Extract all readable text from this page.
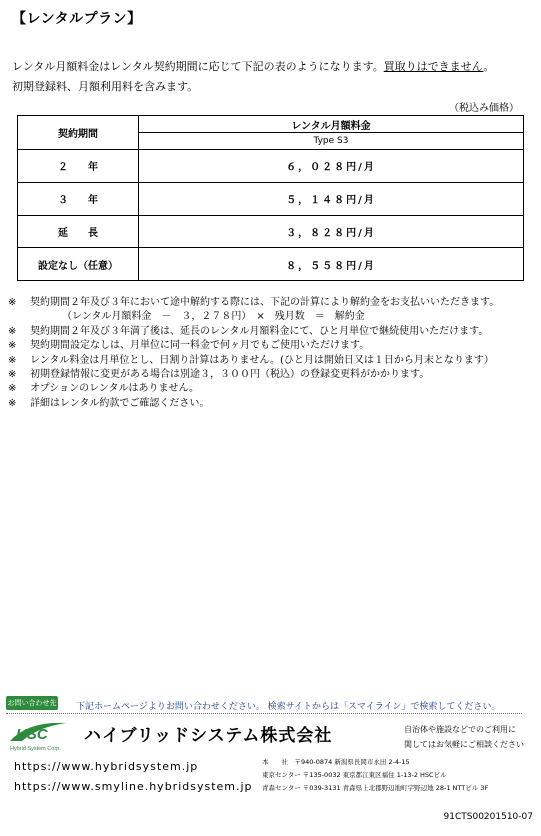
【レンタルプラン】
レンタル月額料金はレンタル契約期間に応じて下記の表のようになります。買取りはできません。
初期登録料、月額利用料を含みます。
（税込み価格）
契約期間	レンタル月額料金
	Type S3
２　　年	６，０２８円/月
３　　年	５，１４８円/月
延　　長	３，８２８円/月
設定なし（任意）	８，５５８円/月
※	契約期間２年及び３年において途中解約する際には、下記の計算により解約金をお支払いいただきます。
（レンタル月額料金　－　３，２７８円）　×　残月数　＝　解約金
※	契約期間２年及び３年満了後は、延長のレンタル月額料金にて、ひと月単位で継続使用いただけます。
※	契約期間設定なしは、月単位に同一料金で何ヶ月でもご使用いただけます。
※	レンタル料金は月単位とし、日割り計算はありません。(ひと月は開始日又は１日から月末となります）
※	初期登録情報に変更がある場合は別途３，３００円（税込）の登録変更料がかかります。
※	オプションのレンタルはありません。
※	詳細はレンタル約款でご確認ください。
お問い合わせ先 下記ホームページよりお問い合わせください。 検索サイトからは「スマイライン」で検索してください。
HSC
Hybrid System Corp.
ハイブリッドシステム株式会社	自治体や施設などでのご利用に
関してはお気軽にご相談ください
https://www.hybridsystem.jp
https://www.smyline.hybridsystem.jp
本　　社　〒940-0874 新潟県長岡市永田 2-4-15
東京センター 〒135-0032 東京都江東区福住 1-13-2 HSCビル
青森センター 〒039-3131 青森県上北郡野辺地町字野辺地 28-1 NTTビル 3F
91CTS00201510-07
